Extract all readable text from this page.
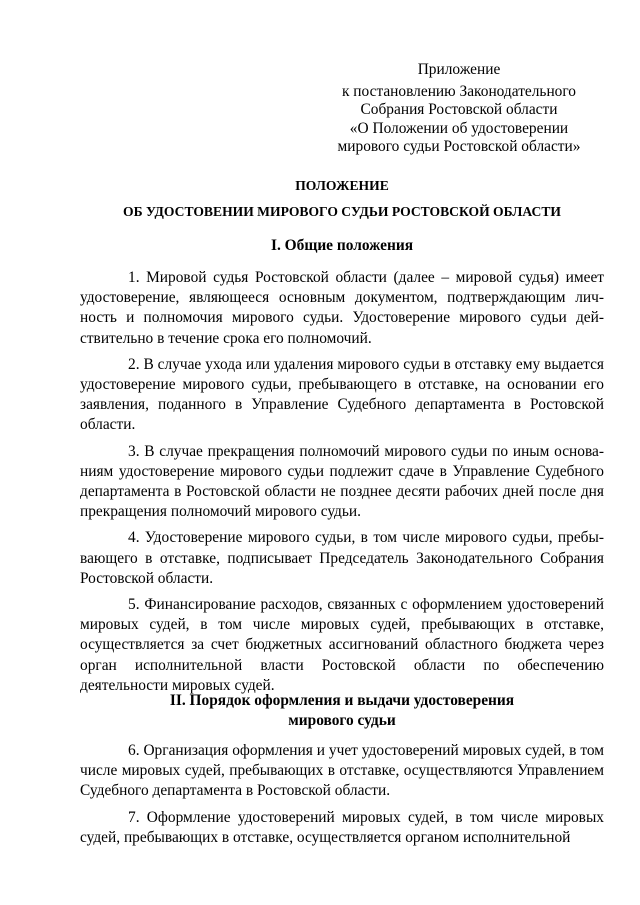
Приложение
к постановлению Законодательного
Собрания Ростовской области
«О Положении об удостоверении
мирового судьи Ростовской области»
ПОЛОЖЕНИЕ
ОБ УДОСТОВЕНИИ МИРОВОГО СУДЬИ РОСТОВСКОЙ ОБЛАСТИ
I. Общие положения

1. Мировой судья Ростовской области (далее – мировой судья) имеет удостоверение, являющееся основным документом, подтверждающим личность и полномочия мирового судьи. Удостоверение мирового судьи действительно в течение срока его полномочий.

2. В случае ухода или удаления мирового судьи в отставку ему выдается удостоверение мирового судьи, пребывающего в отставке, на основании его заявления, поданного в Управление Судебного департамента в Ростовской области.

3. В случае прекращения полномочий мирового судьи по иным основаниям удостоверение мирового судьи подлежит сдаче в Управление Судебного департамента в Ростовской области не позднее десяти рабочих дней после дня прекращения полномочий мирового судьи.

4. Удостоверение мирового судьи, в том числе мирового судьи, пребывающего в отставке, подписывает Председатель Законодательного Собрания Ростовской области.

5. Финансирование расходов, связанных с оформлением удостоверений мировых судей, в том числе мировых судей, пребывающих в отставке, осуществляется за счет бюджетных ассигнований областного бюджета через орган исполнительной власти Ростовской области по обеспечению деятельности мировых судей.

II. Порядок оформления и выдачи удостоверения
мирового судьи

6. Организация оформления и учет удостоверений мировых судей, в том числе мировых судей, пребывающих в отставке, осуществляются Управлением Судебного департамента в Ростовской области.

7. Оформление удостоверений мировых судей, в том числе мировых судей, пребывающих в отставке, осуществляется органом исполнительной
